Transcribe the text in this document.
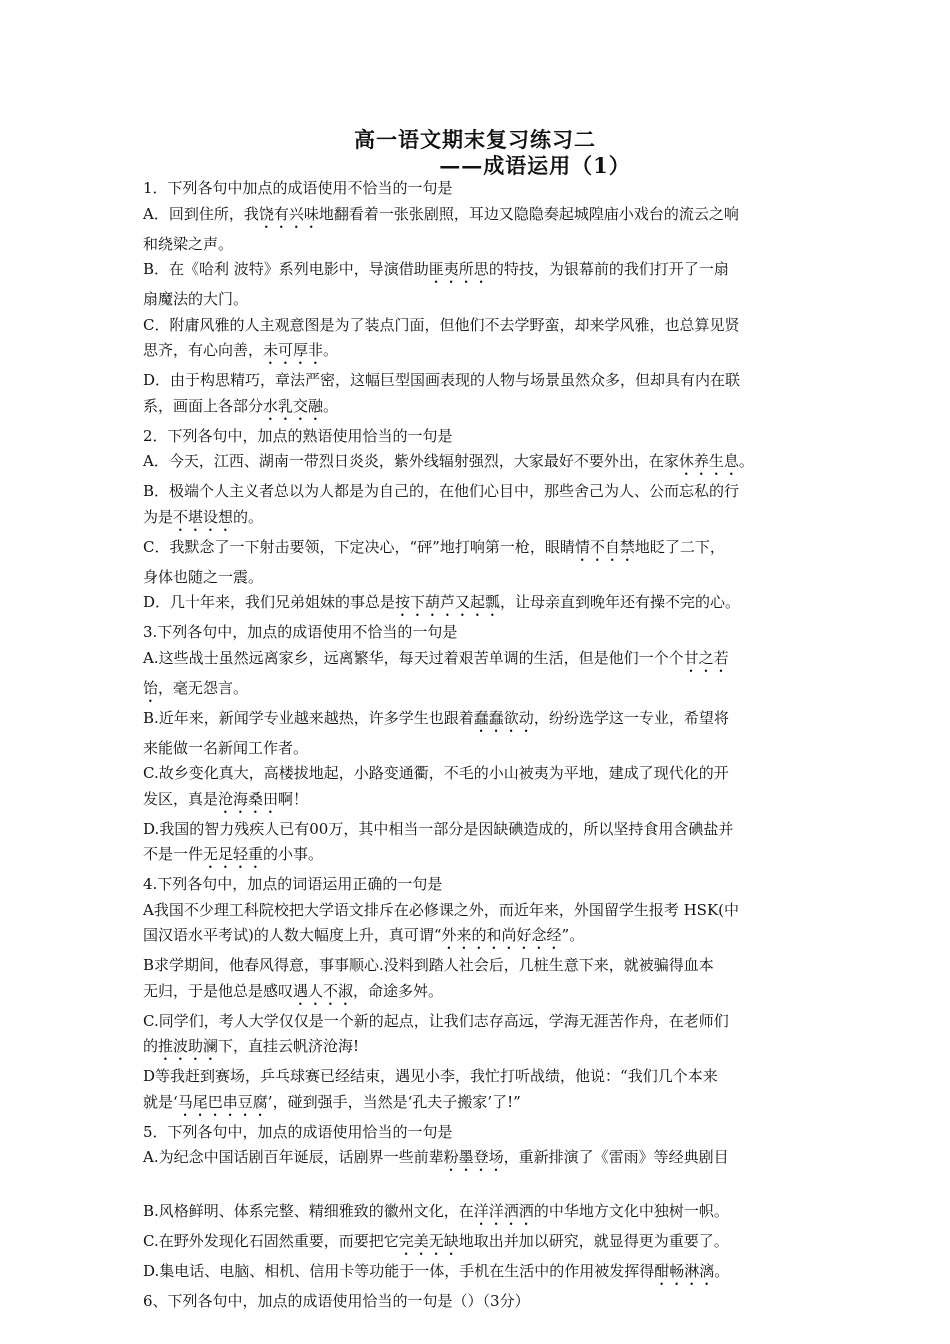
高一语文期末复习练习二
——成语运用（1）
1．下列各句中加点的成语使用不恰当的一句是
A．回到住所，我饶有兴味地翻看着一张张剧照，耳边又隐隐奏起城隍庙小戏台的流云之响
和绕梁之声。
B．在《哈利 波特》系列电影中，导演借助匪夷所思的特技，为银幕前的我们打开了一扇
扇魔法的大门。
C．附庸风雅的人主观意图是为了装点门面，但他们不去学野蛮，却来学风雅，也总算见贤
思齐，有心向善，未可厚非。
D．由于构思精巧，章法严密，这幅巨型国画表现的人物与场景虽然众多，但却具有内在联
系，画面上各部分水乳交融。
2．下列各句中，加点的熟语使用恰当的一句是
A．今天，江西、湖南一带烈日炎炎，紫外线辐射强烈，大家最好不要外出，在家休养生息。
B．极端个人主义者总以为人都是为自己的，在他们心目中，那些舍己为人、公而忘私的行
为是不堪设想的。
C．我默念了一下射击要领，下定决心，“砰”地打响第一枪，眼睛情不自禁地眨了二下，
身体也随之一震。
D．几十年来，我们兄弟姐妹的事总是按下葫芦又起瓢，让母亲直到晚年还有操不完的心。
3.下列各句中，加点的成语使用不恰当的一句是
A.这些战士虽然远离家乡，远离繁华，每天过着艰苦单调的生活，但是他们一个个甘之若
饴，毫无怨言。
B.近年来，新闻学专业越来越热，许多学生也跟着蠢蠢欲动，纷纷选学这一专业，希望将
来能做一名新闻工作者。
C.故乡变化真大，高楼拔地起，小路变通衢，不毛的小山被夷为平地，建成了现代化的开
发区，真是沧海桑田啊！
D.我国的智力残疾人已有00万，其中相当一部分是因缺碘造成的，所以坚持食用含碘盐并
不是一件无足轻重的小事。
4.下列各句中，加点的词语运用正确的一句是
A我国不少理工科院校把大学语文排斥在必修课之外，而近年来，外国留学生报考 HSK(中
国汉语水平考试)的人数大幅度上升，真可谓“外来的和尚好念经”。
B求学期间，他春风得意，事事顺心.没料到踏人社会后，几桩生意下来，就被骗得血本
无归，于是他总是感叹遇人不淑，命途多舛。
C.同学们，考人大学仅仅是一个新的起点，让我们志存高远，学海无涯苦作舟，在老师们
的推波助澜下，直挂云帆济沧海!
D等我赶到赛场，乒乓球赛已经结束，遇见小李，我忙打听战绩，他说：“我们几个本来
就是‘马尾巴串豆腐’，碰到强手，当然是‘孔夫子搬家’了!”
5．下列各句中，加点的成语使用恰当的一句是
A.为纪念中国话剧百年诞辰，话剧界一些前辈粉墨登场，重新排演了《雷雨》等经典剧目
B.风格鲜明、体系完整、精细雅致的徽州文化，在洋洋洒洒的中华地方文化中独树一帜。
C.在野外发现化石固然重要，而要把它完美无缺地取出并加以研究，就显得更为重要了。
D.集电话、电脑、相机、信用卡等功能于一体，手机在生活中的作用被发挥得酣畅淋漓。
6、下列各句中，加点的成语使用恰当的一句是（）（3分）
